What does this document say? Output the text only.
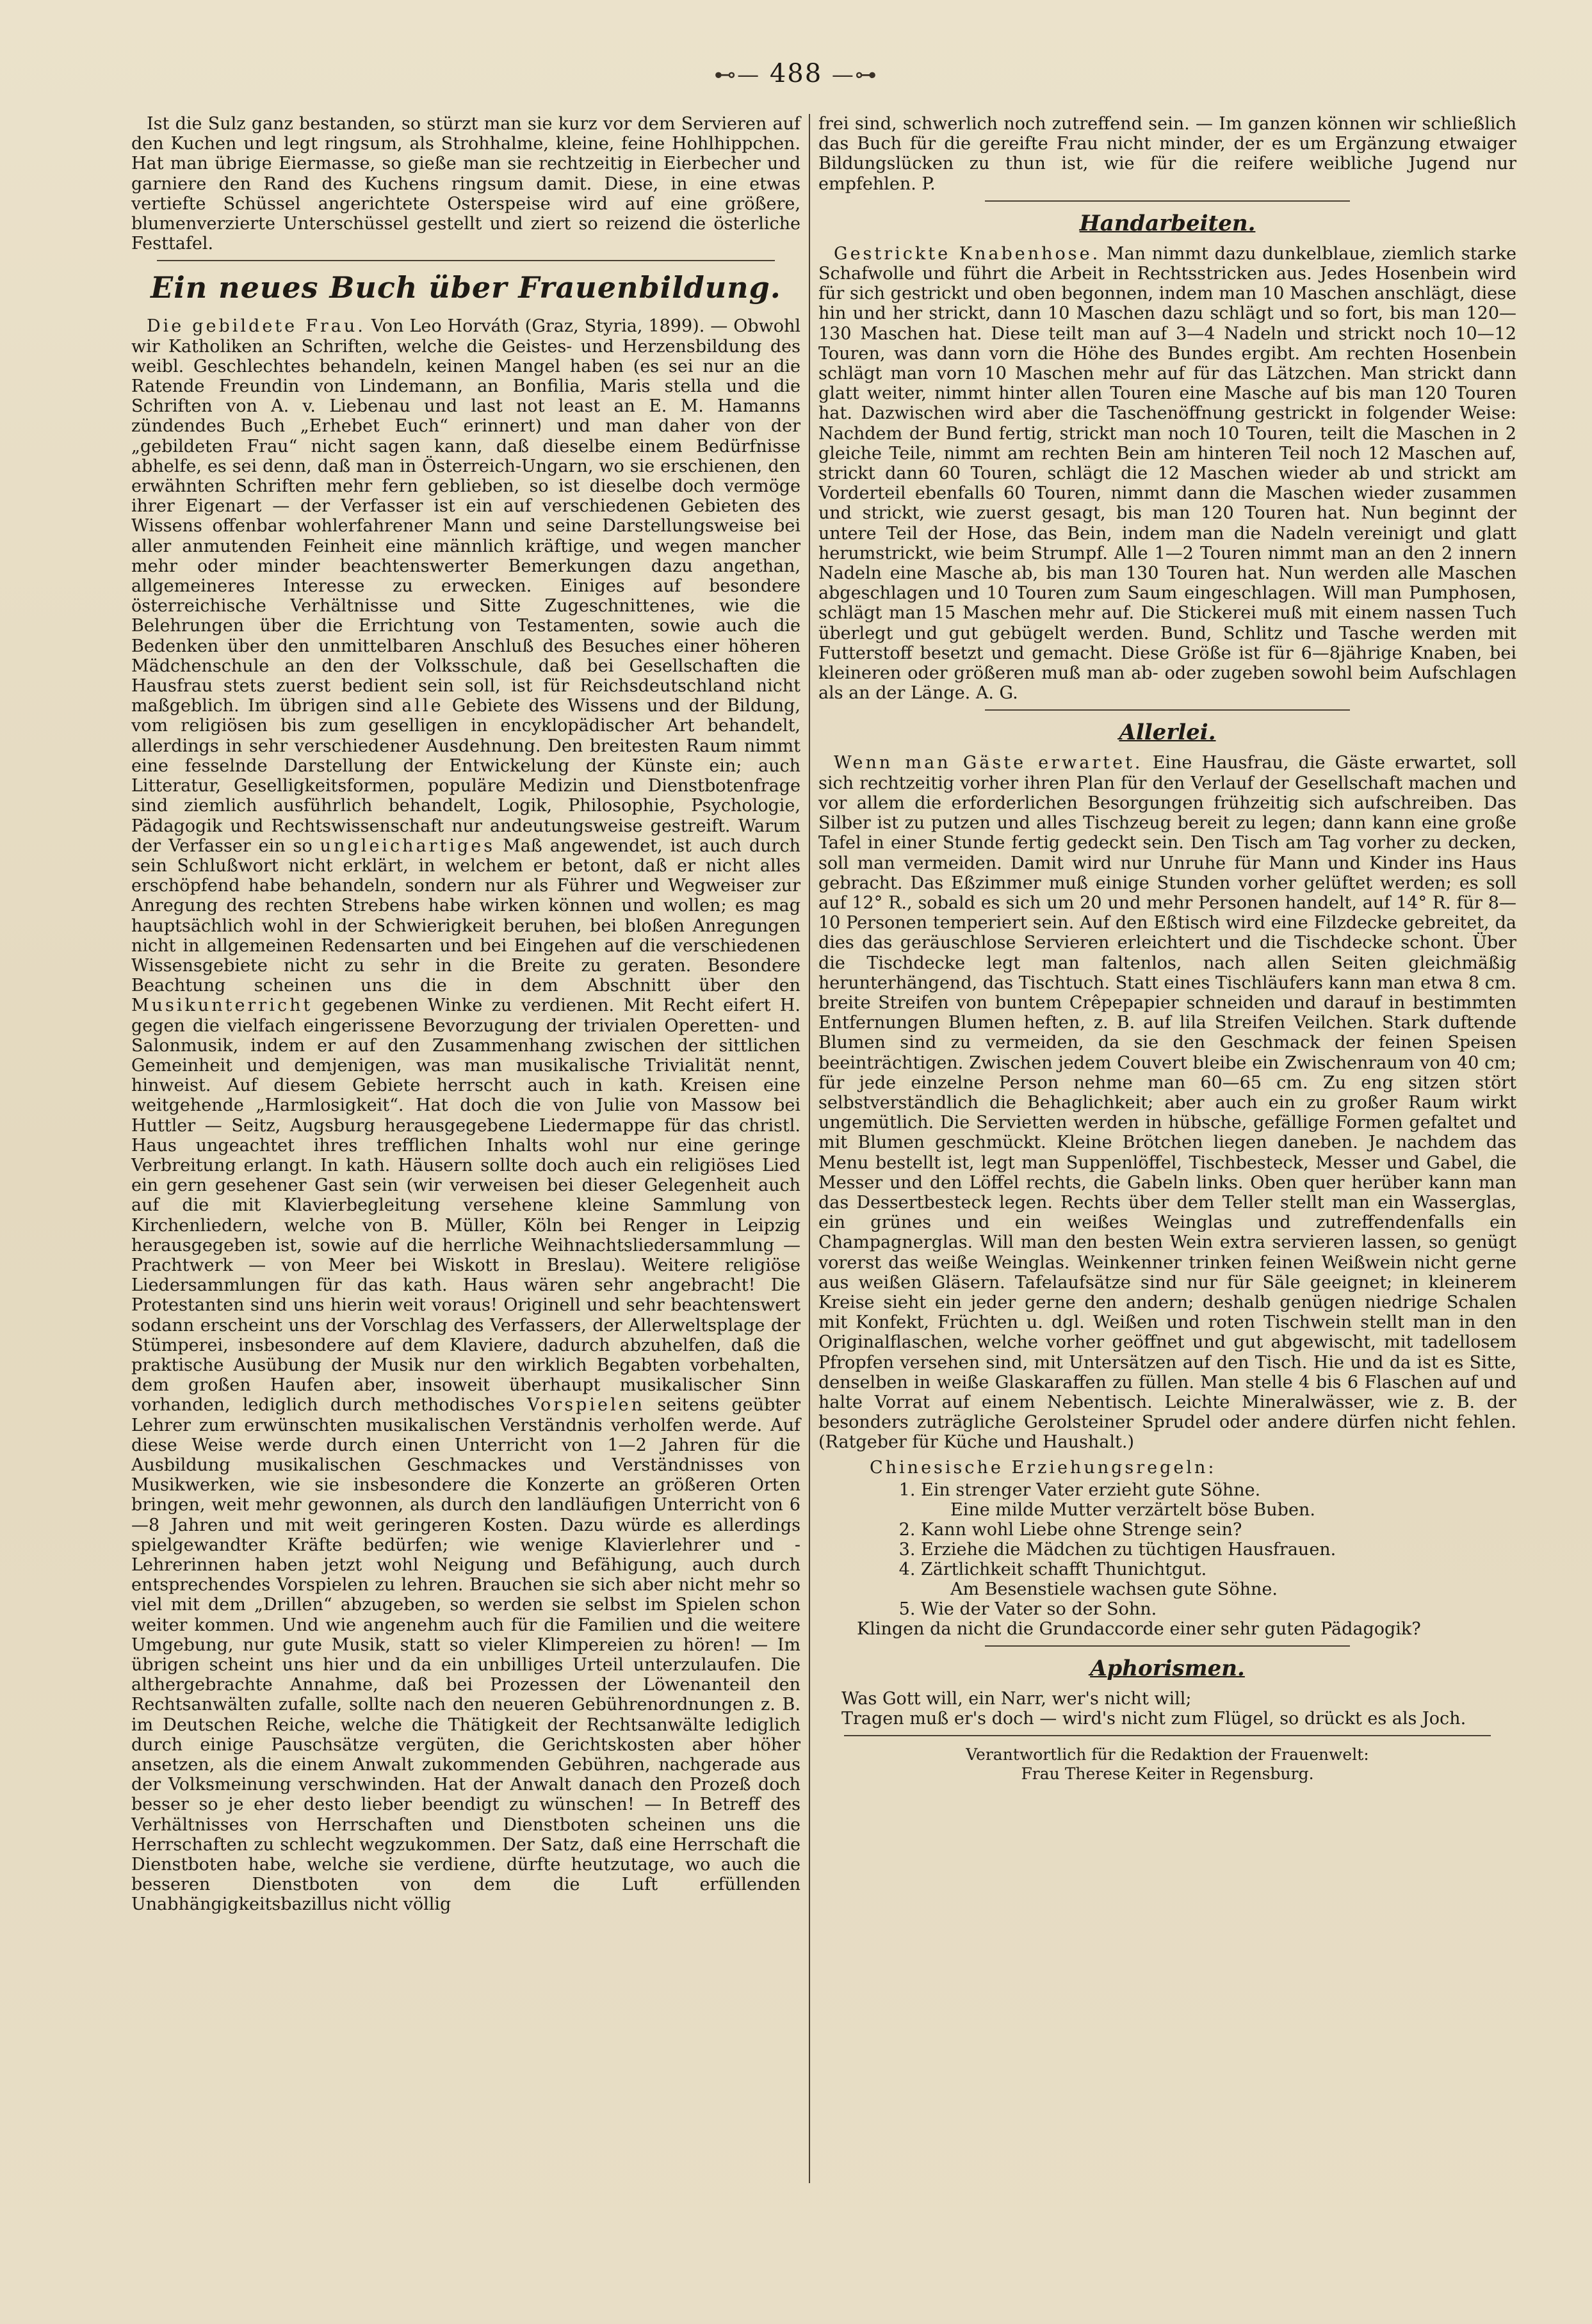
⊷— 488 —⊶

Ist die Sulz ganz bestanden, so stürzt man sie kurz vor dem Servieren auf den Kuchen und legt ringsum, als Strohhalme, kleine, feine Hohlhippchen. Hat man übrige Eiermasse, so gieße man sie rechtzeitig in Eierbecher und garniere den Rand des Kuchens ringsum damit. Diese, in eine etwas vertiefte Schüssel angerichtete Osterspeise wird auf eine größere, blumenverzierte Unterschüssel gestellt und ziert so reizend die österliche Festtafel.

Ein neues Buch über Frauenbildung.

Die gebildete Frau. Von Leo Horváth (Graz, Styria, 1899). — Obwohl wir Katholiken an Schriften, welche die Geistes- und Herzensbildung des weibl. Geschlechtes behandeln, keinen Mangel haben (es sei nur an die Ratende Freundin von Lindemann, an Bonfilia, Maris stella und die Schriften von A. v. Liebenau und last not least an E. M. Hamanns zündendes Buch „Erhebet Euch“ erinnert) und man daher von der „gebildeten Frau“ nicht sagen kann, daß dieselbe einem Bedürfnisse abhelfe, es sei denn, daß man in Österreich-Ungarn, wo sie erschienen, den erwähnten Schriften mehr fern geblieben, so ist dieselbe doch vermöge ihrer Eigenart — der Verfasser ist ein auf verschiedenen Gebieten des Wissens offenbar wohlerfahrener Mann und seine Darstellungsweise bei aller anmutenden Feinheit eine männlich kräftige, und wegen mancher mehr oder minder beachtenswerter Bemerkungen dazu angethan, allgemeineres Interesse zu erwecken. Einiges auf besondere österreichische Verhältnisse und Sitte Zugeschnittenes, wie die Belehrungen über die Errichtung von Testamenten, sowie auch die Bedenken über den unmittelbaren Anschluß des Besuches einer höheren Mädchenschule an den der Volksschule, daß bei Gesellschaften die Hausfrau stets zuerst bedient sein soll, ist für Reichsdeutschland nicht maßgeblich. Im übrigen sind alle Gebiete des Wissens und der Bildung, vom religiösen bis zum geselligen in encyklopädischer Art behandelt, allerdings in sehr verschiedener Ausdehnung. Den breitesten Raum nimmt eine fesselnde Darstellung der Entwickelung der Künste ein; auch Litteratur, Geselligkeitsformen, populäre Medizin und Dienstbotenfrage sind ziemlich ausführlich behandelt, Logik, Philosophie, Psychologie, Pädagogik und Rechtswissenschaft nur andeutungsweise gestreift. Warum der Verfasser ein so ungleichartiges Maß angewendet, ist auch durch sein Schlußwort nicht erklärt, in welchem er betont, daß er nicht alles erschöpfend habe behandeln, sondern nur als Führer und Wegweiser zur Anregung des rechten Strebens habe wirken können und wollen; es mag hauptsächlich wohl in der Schwierigkeit beruhen, bei bloßen Anregungen nicht in allgemeinen Redensarten und bei Eingehen auf die verschiedenen Wissensgebiete nicht zu sehr in die Breite zu geraten. Besondere Beachtung scheinen uns die in dem Abschnitt über den Musikunterricht gegebenen Winke zu verdienen. Mit Recht eifert H. gegen die vielfach eingerissene Bevorzugung der trivialen Operetten- und Salonmusik, indem er auf den Zusammenhang zwischen der sittlichen Gemeinheit und demjenigen, was man musikalische Trivialität nennt, hinweist. Auf diesem Gebiete herrscht auch in kath. Kreisen eine weitgehende „Harmlosigkeit“. Hat doch die von Julie von Massow bei Huttler — Seitz, Augsburg herausgegebene Liedermappe für das christl. Haus ungeachtet ihres trefflichen Inhalts wohl nur eine geringe Verbreitung erlangt. In kath. Häusern sollte doch auch ein religiöses Lied ein gern gesehener Gast sein (wir verweisen bei dieser Gelegenheit auch auf die mit Klavierbegleitung versehene kleine Sammlung von Kirchenliedern, welche von B. Müller, Köln bei Renger in Leipzig herausgegeben ist, sowie auf die herrliche Weihnachtsliedersammlung — Prachtwerk — von Meer bei Wiskott in Breslau). Weitere religiöse Liedersammlungen für das kath. Haus wären sehr angebracht! Die Protestanten sind uns hierin weit voraus! Originell und sehr beachtenswert sodann erscheint uns der Vorschlag des Verfassers, der Allerweltsplage der Stümperei, insbesondere auf dem Klaviere, dadurch abzuhelfen, daß die praktische Ausübung der Musik nur den wirklich Begabten vorbehalten, dem großen Haufen aber, insoweit überhaupt musikalischer Sinn vorhanden, lediglich durch methodisches Vorspielen seitens geübter Lehrer zum erwünschten musikalischen Verständnis verholfen werde. Auf diese Weise werde durch einen Unterricht von 1—2 Jahren für die Ausbildung musikalischen Geschmackes und Verständnisses von Musikwerken, wie sie insbesondere die Konzerte an größeren Orten bringen, weit mehr gewonnen, als durch den landläufigen Unterricht von 6—8 Jahren und mit weit geringeren Kosten. Dazu würde es allerdings spielgewandter Kräfte bedürfen; wie wenige Klavierlehrer und -Lehrerinnen haben jetzt wohl Neigung und Befähigung, auch durch entsprechendes Vorspielen zu lehren. Brauchen sie sich aber nicht mehr so viel mit dem „Drillen“ abzugeben, so werden sie selbst im Spielen schon weiter kommen. Und wie angenehm auch für die Familien und die weitere Umgebung, nur gute Musik, statt so vieler Klimpereien zu hören! — Im übrigen scheint uns hier und da ein unbilliges Urteil unterzulaufen. Die althergebrachte Annahme, daß bei Prozessen der Löwenanteil den Rechtsanwälten zufalle, sollte nach den neueren Gebührenordnungen z. B. im Deutschen Reiche, welche die Thätigkeit der Rechtsanwälte lediglich durch einige Pauschsätze vergüten, die Gerichtskosten aber höher ansetzen, als die einem Anwalt zukommenden Gebühren, nachgerade aus der Volksmeinung verschwinden. Hat der Anwalt danach den Prozeß doch besser so je eher desto lieber beendigt zu wünschen! — In Betreff des Verhältnisses von Herrschaften und Dienstboten scheinen uns die Herrschaften zu schlecht wegzukommen. Der Satz, daß eine Herrschaft die Dienstboten habe, welche sie verdiene, dürfte heutzutage, wo auch die besseren Dienstboten von dem die Luft erfüllenden Unabhängigkeitsbazillus nicht völlig

frei sind, schwerlich noch zutreffend sein. — Im ganzen können wir schließlich das Buch für die gereifte Frau nicht minder, der es um Ergänzung etwaiger Bildungslücken zu thun ist, wie für die reifere weibliche Jugend nur empfehlen. P.

Handarbeiten.

Gestrickte Knabenhose. Man nimmt dazu dunkelblaue, ziemlich starke Schafwolle und führt die Arbeit in Rechtsstricken aus. Jedes Hosenbein wird für sich gestrickt und oben begonnen, indem man 10 Maschen anschlägt, diese hin und her strickt, dann 10 Maschen dazu schlägt und so fort, bis man 120—130 Maschen hat. Diese teilt man auf 3—4 Nadeln und strickt noch 10—12 Touren, was dann vorn die Höhe des Bundes ergibt. Am rechten Hosenbein schlägt man vorn 10 Maschen mehr auf für das Lätzchen. Man strickt dann glatt weiter, nimmt hinter allen Touren eine Masche auf bis man 120 Touren hat. Dazwischen wird aber die Taschenöffnung gestrickt in folgender Weise: Nachdem der Bund fertig, strickt man noch 10 Touren, teilt die Maschen in 2 gleiche Teile, nimmt am rechten Bein am hinteren Teil noch 12 Maschen auf, strickt dann 60 Touren, schlägt die 12 Maschen wieder ab und strickt am Vorderteil ebenfalls 60 Touren, nimmt dann die Maschen wieder zusammen und strickt, wie zuerst gesagt, bis man 120 Touren hat. Nun beginnt der untere Teil der Hose, das Bein, indem man die Nadeln vereinigt und glatt herumstrickt, wie beim Strumpf. Alle 1—2 Touren nimmt man an den 2 innern Nadeln eine Masche ab, bis man 130 Touren hat. Nun werden alle Maschen abgeschlagen und 10 Touren zum Saum eingeschlagen. Will man Pumphosen, schlägt man 15 Maschen mehr auf. Die Stickerei muß mit einem nassen Tuch überlegt und gut gebügelt werden. Bund, Schlitz und Tasche werden mit Futterstoff besetzt und gemacht. Diese Größe ist für 6—8jährige Knaben, bei kleineren oder größeren muß man ab- oder zugeben sowohl beim Aufschlagen als an der Länge. A. G.

Allerlei.

Wenn man Gäste erwartet. Eine Hausfrau, die Gäste erwartet, soll sich rechtzeitig vorher ihren Plan für den Verlauf der Gesellschaft machen und vor allem die erforderlichen Besorgungen frühzeitig sich aufschreiben. Das Silber ist zu putzen und alles Tischzeug bereit zu legen; dann kann eine große Tafel in einer Stunde fertig gedeckt sein. Den Tisch am Tag vorher zu decken, soll man vermeiden. Damit wird nur Unruhe für Mann und Kinder ins Haus gebracht. Das Eßzimmer muß einige Stunden vorher gelüftet werden; es soll auf 12° R., sobald es sich um 20 und mehr Personen handelt, auf 14° R. für 8—10 Personen temperiert sein. Auf den Eßtisch wird eine Filzdecke gebreitet, da dies das geräuschlose Servieren erleichtert und die Tischdecke schont. Über die Tischdecke legt man faltenlos, nach allen Seiten gleichmäßig herunterhängend, das Tischtuch. Statt eines Tischläufers kann man etwa 8 cm. breite Streifen von buntem Crêpepapier schneiden und darauf in bestimmten Entfernungen Blumen heften, z. B. auf lila Streifen Veilchen. Stark duftende Blumen sind zu vermeiden, da sie den Geschmack der feinen Speisen beeinträchtigen. Zwischen jedem Couvert bleibe ein Zwischenraum von 40 cm; für jede einzelne Person nehme man 60—65 cm. Zu eng sitzen stört selbstverständlich die Behaglichkeit; aber auch ein zu großer Raum wirkt ungemütlich. Die Servietten werden in hübsche, gefällige Formen gefaltet und mit Blumen geschmückt. Kleine Brötchen liegen daneben. Je nachdem das Menu bestellt ist, legt man Suppenlöffel, Tischbesteck, Messer und Gabel, die Messer und den Löffel rechts, die Gabeln links. Oben quer herüber kann man das Dessertbesteck legen. Rechts über dem Teller stellt man ein Wasserglas, ein grünes und ein weißes Weinglas und zutreffendenfalls ein Champagnerglas. Will man den besten Wein extra servieren lassen, so genügt vorerst das weiße Weinglas. Weinkenner trinken feinen Weißwein nicht gerne aus weißen Gläsern. Tafelaufsätze sind nur für Säle geeignet; in kleinerem Kreise sieht ein jeder gerne den andern; deshalb genügen niedrige Schalen mit Konfekt, Früchten u. dgl. Weißen und roten Tischwein stellt man in den Originalflaschen, welche vorher geöffnet und gut abgewischt, mit tadellosem Pfropfen versehen sind, mit Untersätzen auf den Tisch. Hie und da ist es Sitte, denselben in weiße Glaskaraffen zu füllen. Man stelle 4 bis 6 Flaschen auf und halte Vorrat auf einem Nebentisch. Leichte Mineralwässer, wie z. B. der besonders zuträgliche Gerolsteiner Sprudel oder andere dürfen nicht fehlen. (Ratgeber für Küche und Haushalt.)

Chinesische Erziehungsregeln:
1. Ein strenger Vater erzieht gute Söhne.
Eine milde Mutter verzärtelt böse Buben.
2. Kann wohl Liebe ohne Strenge sein?
3. Erziehe die Mädchen zu tüchtigen Hausfrauen.
4. Zärtlichkeit schafft Thunichtgut.
Am Besenstiele wachsen gute Söhne.
5. Wie der Vater so der Sohn.
Klingen da nicht die Grundaccorde einer sehr guten Pädagogik?
Aphorismen.
Was Gott will, ein Narr, wer's nicht will;
Tragen muß er's doch — wird's nicht zum Flügel, so drückt es als Joch.
Verantwortlich für die Redaktion der Frauenwelt:
Frau Therese Keiter in Regensburg.
